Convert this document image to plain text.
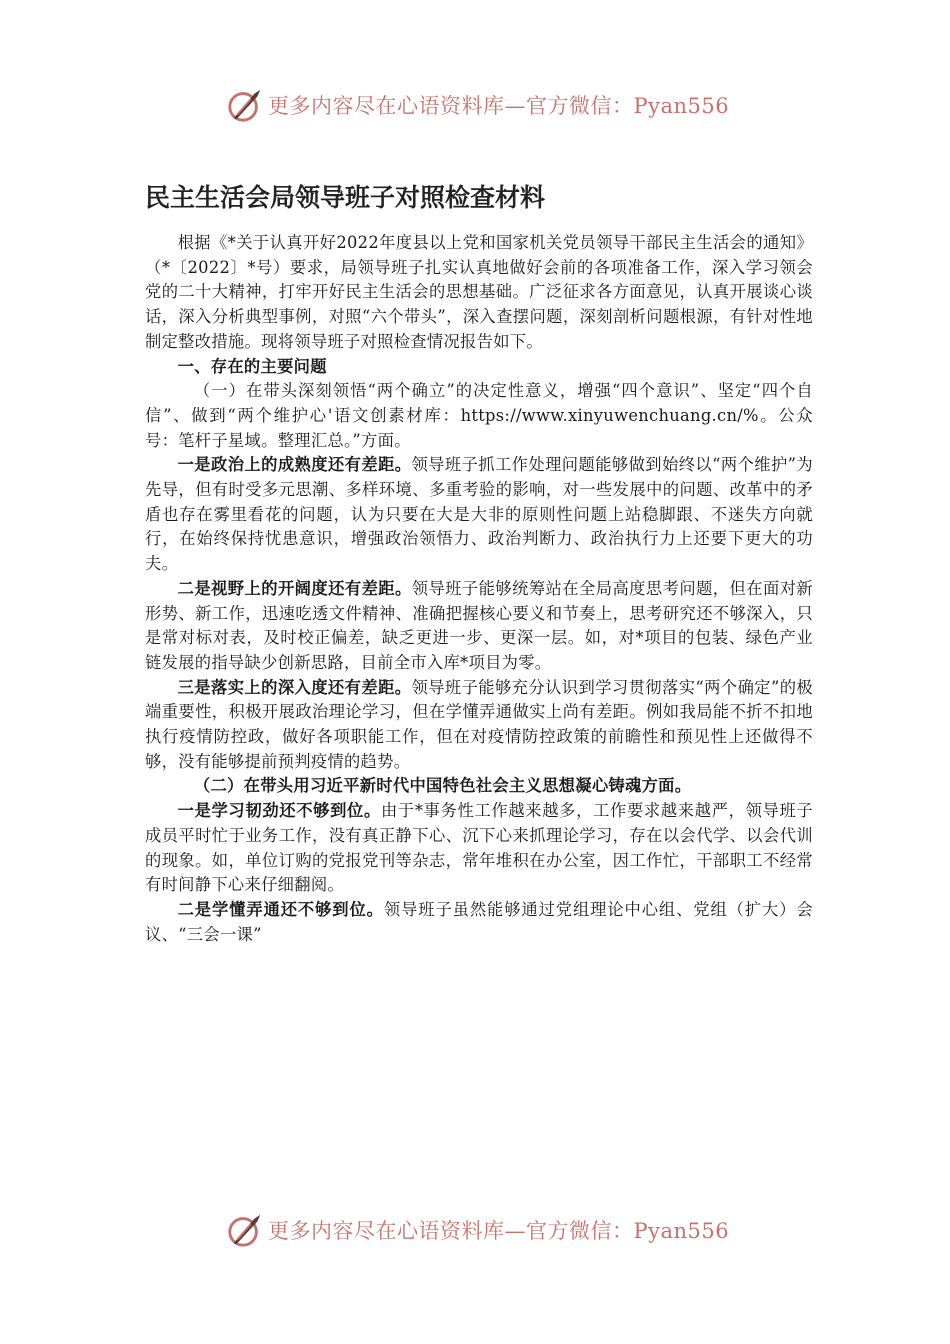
更多内容尽在心语资料库—官方微信：Pyan556
民主生活会局领导班子对照检查材料

根据《*关于认真开好2022年度县以上党和国家机关党员领导干部民主生活会的通知》（*〔2022〕*号）要求，局领导班子扎实认真地做好会前的各项准备工作，深入学习领会党的二十大精神，打牢开好民主生活会的思想基础。广泛征求各方面意见，认真开展谈心谈话，深入分析典型事例，对照“六个带头”，深入查摆问题，深刻剖析问题根源，有针对性地制定整改措施。现将领导班子对照检查情况报告如下。

一、存在的主要问题

（一）在带头深刻领悟“两个确立”的决定性意义，增强“四个意识”、坚定“四个自信”、做到“两个维护心'语文创素材库：https://www.xinyuwenchuang.cn/%。公众号：笔杆子星域。整理汇总。”方面。

一是政治上的成熟度还有差距。领导班子抓工作处理问题能够做到始终以“两个维护”为先导，但有时受多元思潮、多样环境、多重考验的影响，对一些发展中的问题、改革中的矛盾也存在雾里看花的问题，认为只要在大是大非的原则性问题上站稳脚跟、不迷失方向就行，在始终保持忧患意识，增强政治领悟力、政治判断力、政治执行力上还要下更大的功夫。

二是视野上的开阔度还有差距。领导班子能够统筹站在全局高度思考问题，但在面对新形势、新工作，迅速吃透文件精神、准确把握核心要义和节奏上，思考研究还不够深入，只是常对标对表，及时校正偏差，缺乏更进一步、更深一层。如，对*项目的包装、绿色产业链发展的指导缺少创新思路，目前全市入库*项目为零。

三是落实上的深入度还有差距。领导班子能够充分认识到学习贯彻落实“两个确定”的极端重要性，积极开展政治理论学习，但在学懂弄通做实上尚有差距。例如我局能不折不扣地执行疫情防控政，做好各项职能工作，但在对疫情防控政策的前瞻性和预见性上还做得不够，没有能够提前预判疫情的趋势。

（二）在带头用习近平新时代中国特色社会主义思想凝心铸魂方面。

一是学习韧劲还不够到位。由于*事务性工作越来越多，工作要求越来越严，领导班子成员平时忙于业务工作，没有真正静下心、沉下心来抓理论学习，存在以会代学、以会代训的现象。如，单位订购的党报党刊等杂志，常年堆积在办公室，因工作忙，干部职工不经常有时间静下心来仔细翻阅。

二是学懂弄通还不够到位。领导班子虽然能够通过党组理论中心组、党组（扩大）会议、“三会一课”

更多内容尽在心语资料库—官方微信：Pyan556
